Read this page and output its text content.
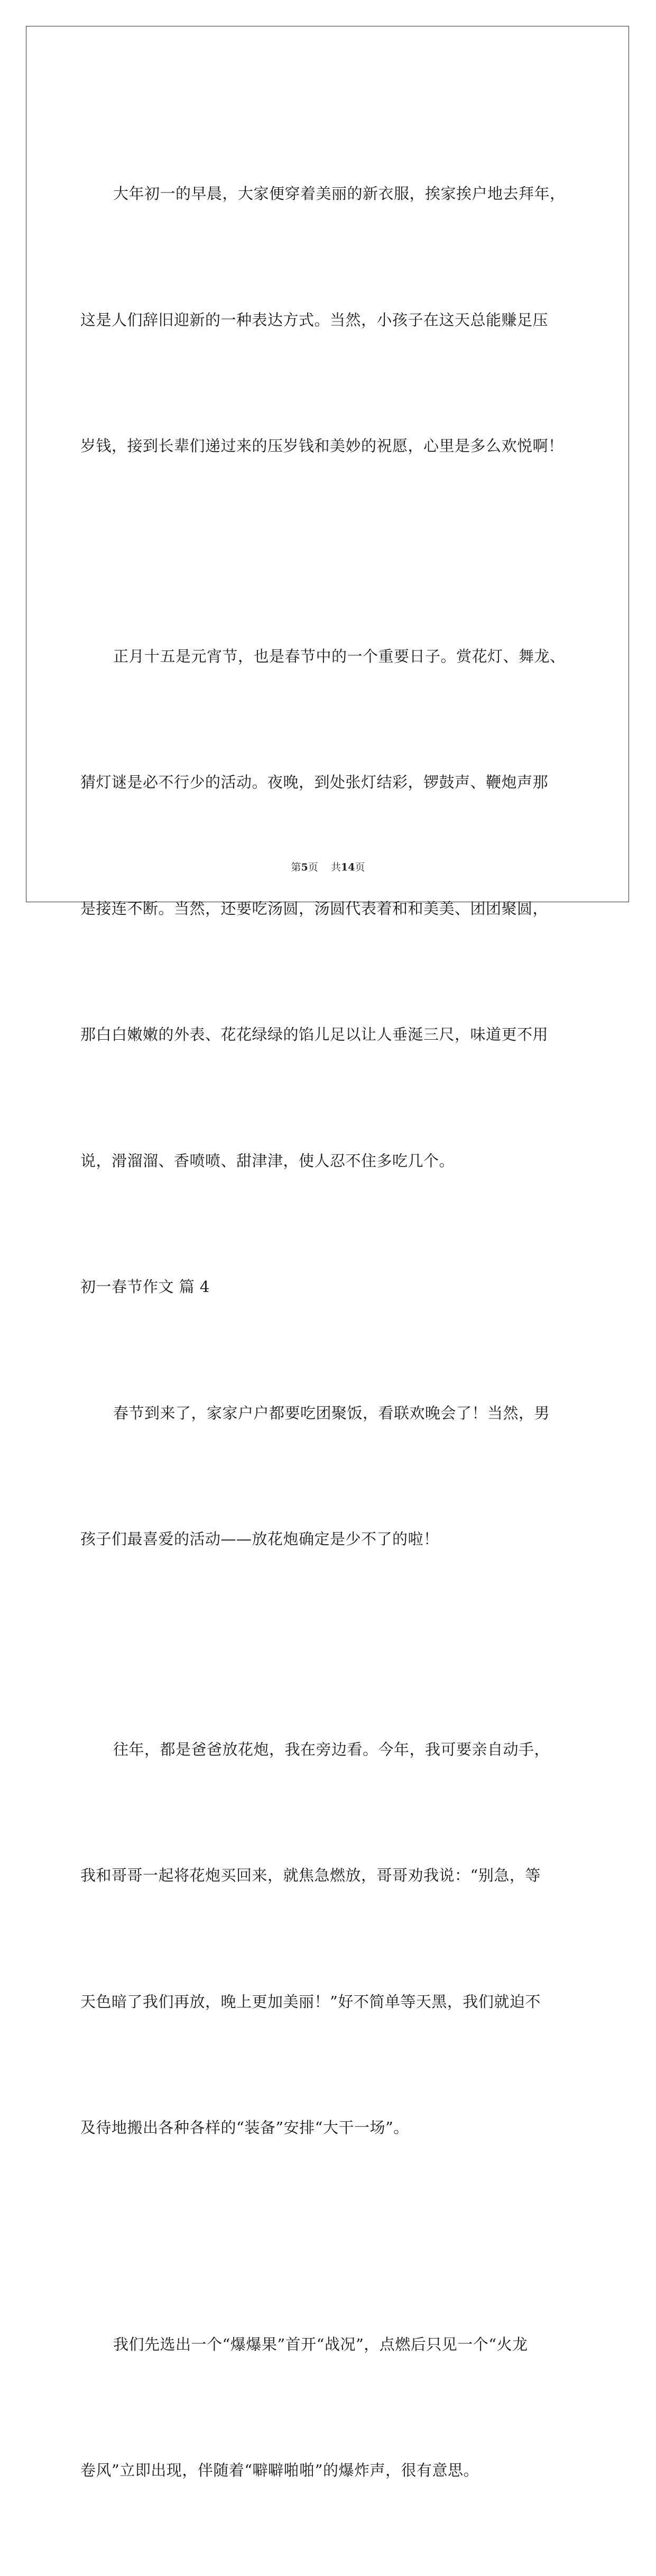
大年初一的早晨，大家便穿着美丽的新衣服，挨家挨户地去拜年，

这是人们辞旧迎新的一种表达方式。当然，小孩子在这天总能赚足压

岁钱，接到长辈们递过来的压岁钱和美妙的祝愿，心里是多么欢悦啊！

正月十五是元宵节，也是春节中的一个重要日子。赏花灯、舞龙、

猜灯谜是必不行少的活动。夜晚，到处张灯结彩，锣鼓声、鞭炮声那

是接连不断。当然，还要吃汤圆，汤圆代表着和和美美、团团聚圆，

那白白嫩嫩的外表、花花绿绿的馅儿足以让人垂涎三尺，味道更不用

说，滑溜溜、香喷喷、甜津津，使人忍不住多吃几个。

初一春节作文 篇 4

春节到来了，家家户户都要吃团聚饭，看联欢晚会了！当然，男

孩子们最喜爱的活动——放花炮确定是少不了的啦！

往年，都是爸爸放花炮，我在旁边看。今年，我可要亲自动手，

我和哥哥一起将花炮买回来，就焦急燃放，哥哥劝我说：“别急，等

天色暗了我们再放，晚上更加美丽！”好不简单等天黑，我们就迫不

及待地搬出各种各样的“装备”安排“大干一场”。

我们先选出一个“爆爆果”首开“战况”，点燃后只见一个“火龙

卷风”立即出现，伴随着“噼噼啪啪”的爆炸声，很有意思。

第5页 共14页
